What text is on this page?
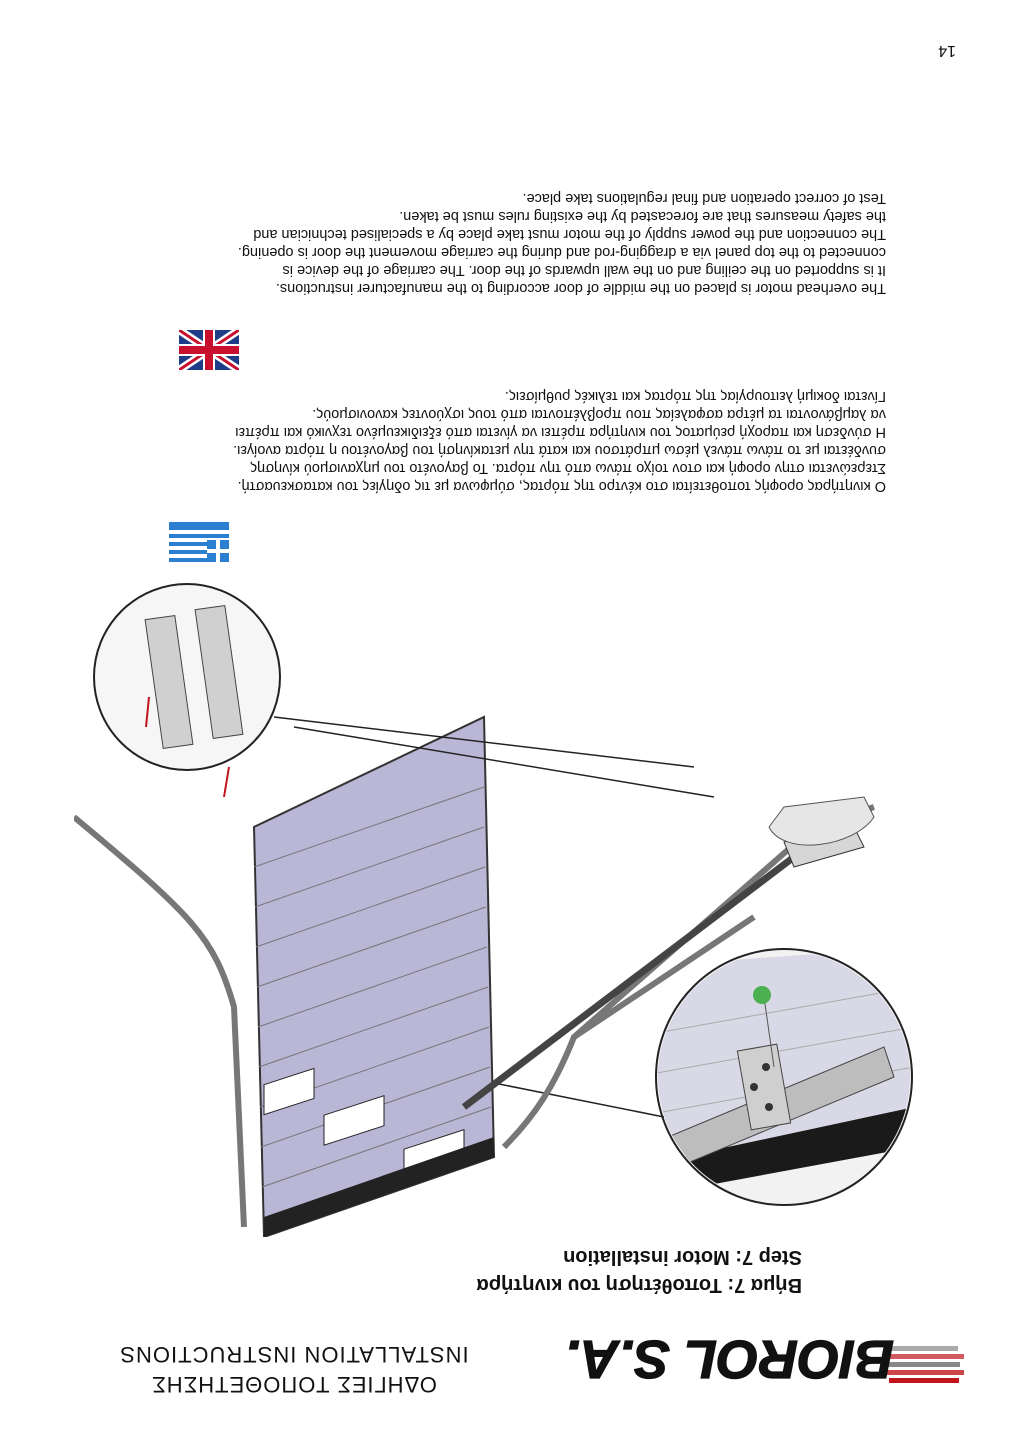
BIOROL S.A.
ΟΔΗΓΙΕΣ ΤΟΠΟΘΕΤΗΣΗΣ
INSTALLATION INSTRUCTIONS
Βήμα 7: Τοποθέτηση του κινητήρα
Step 7: Motor installation
Ο κινητήρας οροφής τοποθετείται στο κέντρο της πόρτας, σύμφωνα με τις οδηγίες του κατασκευαστή.
Στερεώνεται στην οροφή και στον τοίχο πάνω από την πόρτα. Το βαγονέτο του μηχανισμού κίνησης
συνδέεται με το πάνω πάνελ μέσω μπράτσου και κατά την μετακίνησή του βαγονέτου η πόρτα ανοίγει.
Η σύνδεση και παροχή ρεύματος του κινητήρα πρέπει να γίνεται από εξειδικευμένο τεχνικό και πρέπει
να λαμβάνονται τα μέτρα ασφαλείας που προβλέπονται από τους ισχύοντες κανονισμούς.
Γίνεται δοκιμή λειτουργίας της πόρτας και τελικές ρυθμίσεις.
The overhead motor is placed on the middle of door according to the manufacturer instructions.
It is supported on the ceiling and on the wall upwards of the door. The carriage of the device is
connected to the top panel via a dragging-rod and during the carriage movement the door is opening.
The connection and the power supply of the motor must take place by a specialised technician and
the safety measures that are forecasted by the existing rules must be taken.
Test of correct operation and final regulations take place.
14
